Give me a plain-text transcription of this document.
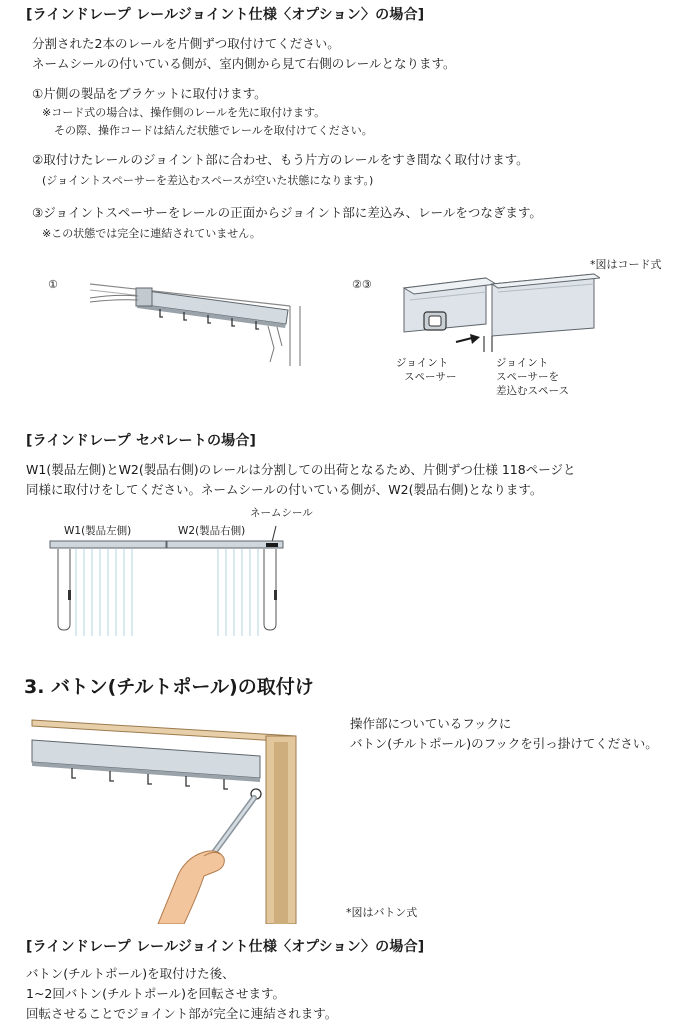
[ラインドレープ レールジョイント仕様〈オプション〉の場合]
分割された2本のレールを片側ずつ取付けてください。
ネームシールの付いている側が、室内側から見て右側のレールとなります。
①片側の製品をブラケットに取付けます。
※コード式の場合は、操作側のレールを先に取付けます。
その際、操作コードは結んだ状態でレールを取付けてください。
②取付けたレールのジョイント部に合わせ、もう片方のレールをすき間なく取付けます。
(ジョイントスペーサーを差込むスペースが空いた状態になります。)
③ジョイントスペーサーをレールの正面からジョイント部に差込み、レールをつなぎます。
※この状態では完全に連結されていません。
*図はコード式
①	②③
ジョイント
スペーサー
ジョイント
スペーサーを
差込むスペース
[ラインドレープ セパレートの場合]
W1(製品左側)とW2(製品右側)のレールは分割しての出荷となるため、片側ずつ仕様 118ページと
同様に取付けをしてください。ネームシールの付いている側が、W2(製品右側)となります。
ネームシール
W1(製品左側)	W2(製品右側)
3. バトン(チルトポール)の取付け
操作部についているフックに
バトン(チルトポール)のフックを引っ掛けてください。
*図はバトン式
[ラインドレープ レールジョイント仕様〈オプション〉の場合]
バトン(チルトポール)を取付けた後、
1~2回バトン(チルトポール)を回転させます。
回転させることでジョイント部が完全に連結されます。
